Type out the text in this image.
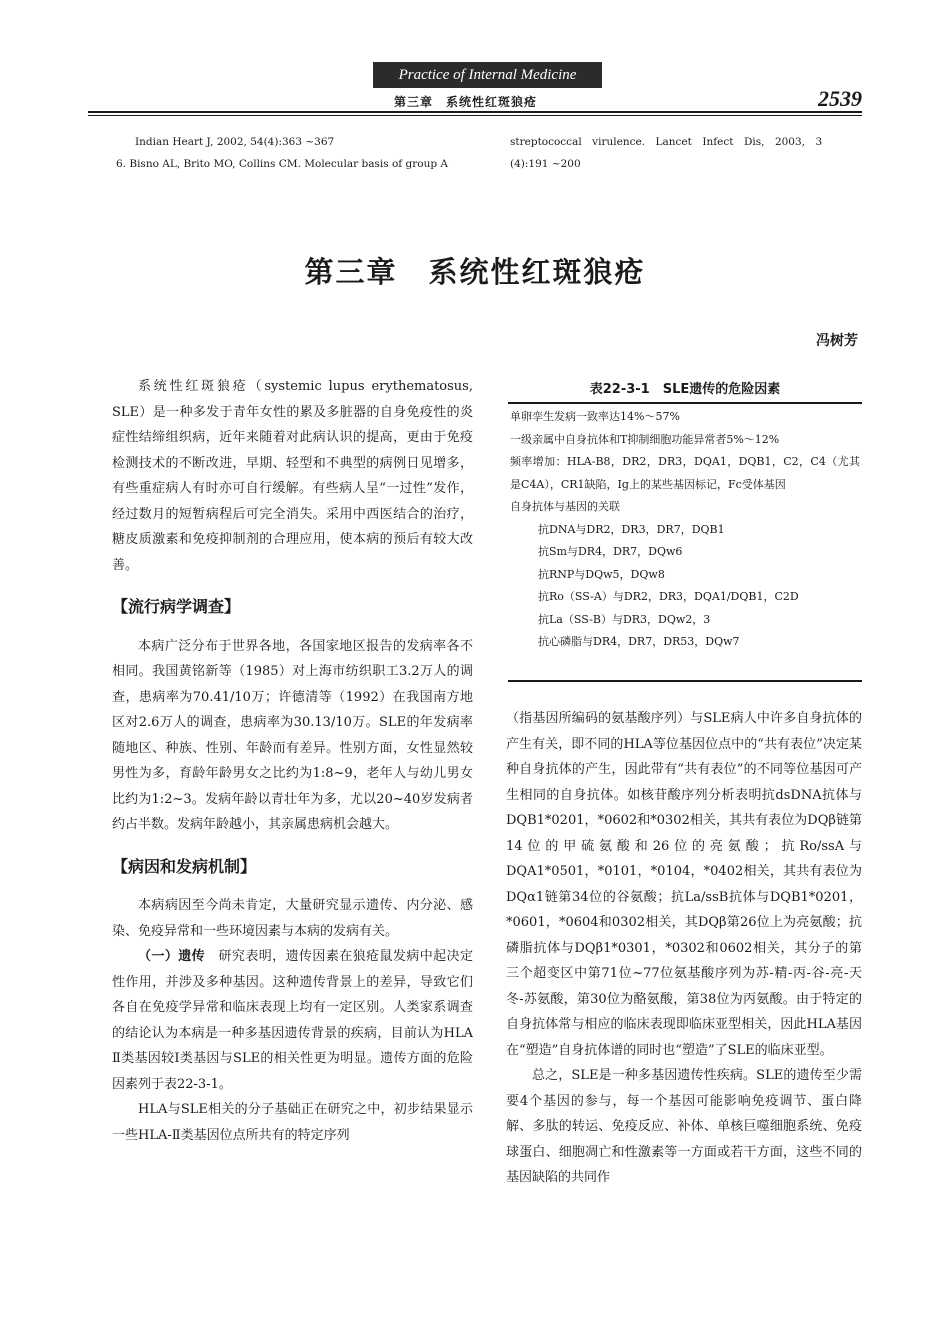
Practice of Internal Medicine
第三章　系统性红斑狼疮	2539
Indian Heart J, 2002, 54(4):363 ~367
6. Bisno AL, Brito MO, Collins CM. Molecular basis of group A
streptococcal　virulence.　Lancet　Infect　Dis,　2003,　3
(4):191 ~200
第三章　系统性红斑狼疮
冯树芳

系统性红斑狼疮（systemic lupus erythematosus, SLE）是一种多发于青年女性的累及多脏器的自身免疫性的炎症性结缔组织病，近年来随着对此病认识的提高，更由于免疫检测技术的不断改进，早期、轻型和不典型的病例日见增多，有些重症病人有时亦可自行缓解。有些病人呈“一过性”发作，经过数月的短暂病程后可完全消失。采用中西医结合的治疗，糖皮质激素和免疫抑制剂的合理应用，使本病的预后有较大改善。

【流行病学调查】

本病广泛分布于世界各地，各国家地区报告的发病率各不相同。我国黄铭新等（1985）对上海市纺织职工3.2万人的调查，患病率为70.41/10万；许德清等（1992）在我国南方地区对2.6万人的调查，患病率为30.13/10万。SLE的年发病率随地区、种族、性别、年龄而有差异。性别方面，女性显然较男性为多，育龄年龄男女之比约为1:8~9，老年人与幼儿男女比约为1:2~3。发病年龄以青壮年为多，尤以20~40岁发病者约占半数。发病年龄越小，其亲属患病机会越大。

【病因和发病机制】

本病病因至今尚未肯定，大量研究显示遗传、内分泌、感染、免疫异常和一些环境因素与本病的发病有关。

（一）遗传　 研究表明，遗传因素在狼疮鼠发病中起决定性作用，并涉及多种基因。这种遗传背景上的差异，导致它们各自在免疫学异常和临床表现上均有一定区别。人类家系调查的结论认为本病是一种多基因遗传背景的疾病，目前认为HLA Ⅱ类基因较Ⅰ类基因与SLE的相关性更为明显。遗传方面的危险因素列于表22-3-1。

HLA与SLE相关的分子基础正在研究之中，初步结果显示一些HLA-Ⅱ类基因位点所共有的特定序列

表22-3-1　SLE遗传的危险因素
单卵孪生发病一致率达14%～57%
一级亲属中自身抗体和T抑制细胞功能异常者5%～12%
频率增加：HLA-B8，DR2，DR3，DQA1，DQB1，C2，C4（尤其是C4A），CR1缺陷，Ig上的某些基因标记，Fc受体基因
自身抗体与基因的关联
抗DNA与DR2，DR3，DR7，DQB1
抗Sm与DR4，DR7，DQw6
抗RNP与DQw5，DQw8
抗Ro（SS-A）与DR2，DR3，DQA1/DQB1，C2D
抗La（SS-B）与DR3，DQw2，3
抗心磷脂与DR4，DR7，DR53，DQw7

（指基因所编码的氨基酸序列）与SLE病人中许多自身抗体的产生有关，即不同的HLA等位基因位点中的“共有表位”决定某种自身抗体的产生，因此带有“共有表位”的不同等位基因可产生相同的自身抗体。如核苷酸序列分析表明抗dsDNA抗体与DQB1*0201，*0602和*0302相关，其共有表位为DQβ链第14位的甲硫氨酸和26位的亮氨酸；抗Ro/ssA与DQA1*0501，*0101，*0104，*0402相关，其共有表位为DQα1链第34位的谷氨酸；抗La/ssB抗体与DQB1*0201，*0601，*0604和0302相关，其DQβ第26位上为亮氨酸；抗磷脂抗体与DQβ1*0301，*0302和0602相关，其分子的第三个超变区中第71位~77位氨基酸序列为苏-精-丙-谷-亮-天冬-苏氨酸，第30位为酪氨酸，第38位为丙氨酸。由于特定的自身抗体常与相应的临床表现即临床亚型相关，因此HLA基因在“塑造”自身抗体谱的同时也“塑造”了SLE的临床亚型。

总之，SLE是一种多基因遗传性疾病。SLE的遗传至少需要4个基因的参与，每一个基因可能影响免疫调节、蛋白降解、多肽的转运、免疫反应、补体、单核巨噬细胞系统、免疫球蛋白、细胞凋亡和性激素等一方面或若干方面，这些不同的基因缺陷的共同作
